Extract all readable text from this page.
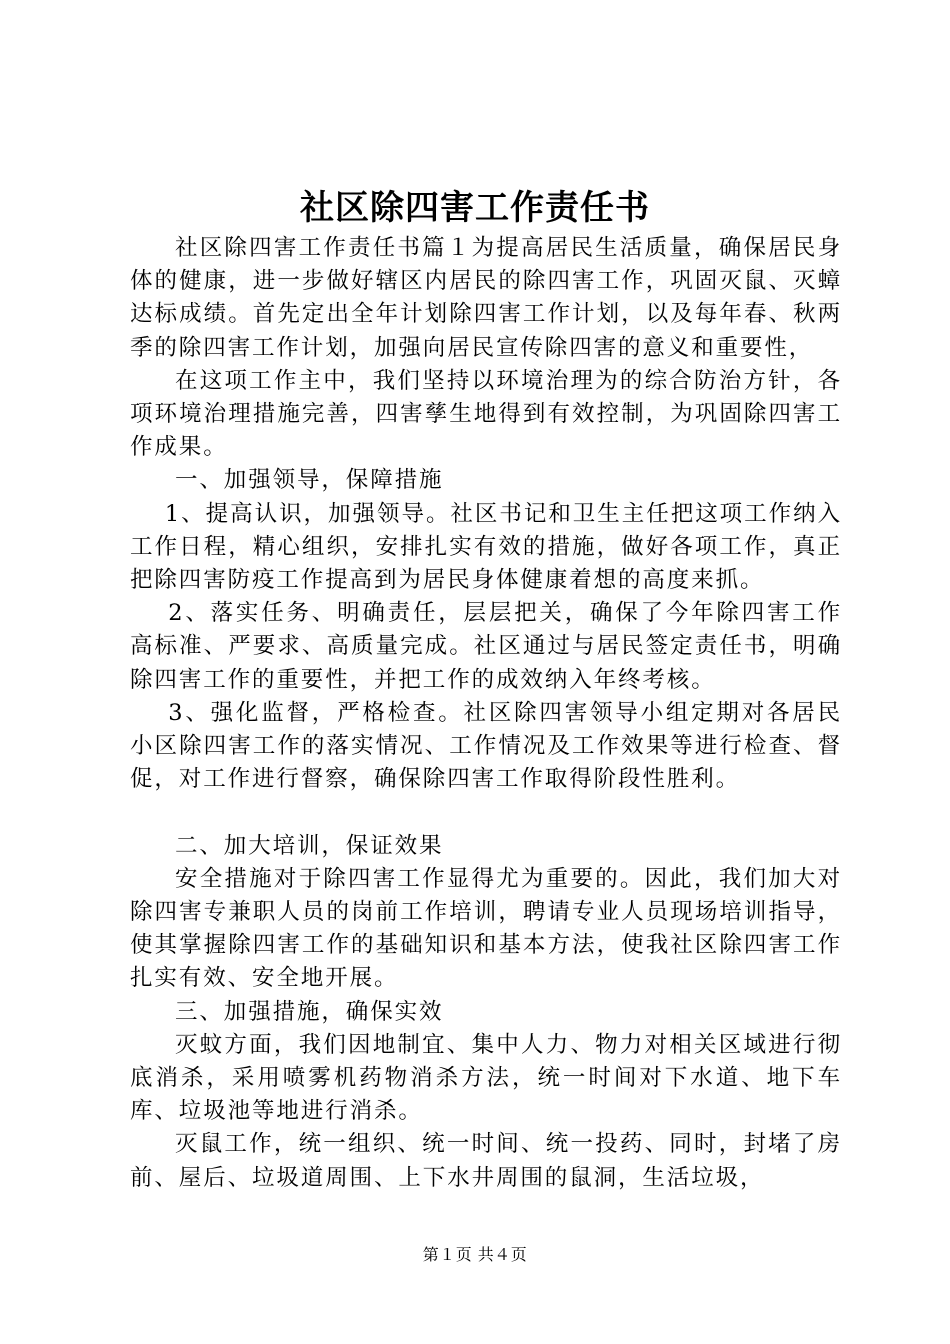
社区除四害工作责任书

社区除四害工作责任书篇１为提高居民生活质量，确保居民身体的健康，进一步做好辖区内居民的除四害工作，巩固灭鼠、灭蟑达标成绩。首先定出全年计划除四害工作计划，以及每年春、秋两季的除四害工作计划，加强向居民宣传除四害的意义和重要性，

在这项工作主中，我们坚持以环境治理为的综合防治方针，各项环境治理措施完善，四害孳生地得到有效控制，为巩固除四害工作成果。

一、加强领导，保障措施

1、提高认识，加强领导。社区书记和卫生主任把这项工作纳入工作日程，精心组织，安排扎实有效的措施，做好各项工作，真正把除四害防疫工作提高到为居民身体健康着想的高度来抓。

2、落实任务、明确责任，层层把关，确保了今年除四害工作高标准、严要求、高质量完成。社区通过与居民签定责任书，明确除四害工作的重要性，并把工作的成效纳入年终考核。

3、强化监督，严格检查。社区除四害领导小组定期对各居民小区除四害工作的落实情况、工作情况及工作效果等进行检查、督促，对工作进行督察，确保除四害工作取得阶段性胜利。

二、加大培训，保证效果

安全措施对于除四害工作显得尤为重要的。因此，我们加大对除四害专兼职人员的岗前工作培训，聘请专业人员现场培训指导，使其掌握除四害工作的基础知识和基本方法，使我社区除四害工作扎实有效、安全地开展。

三、加强措施，确保实效

灭蚊方面，我们因地制宜、集中人力、物力对相关区域进行彻底消杀，采用喷雾机药物消杀方法，统一时间对下水道、地下车库、垃圾池等地进行消杀。

灭鼠工作，统一组织、统一时间、统一投药、同时，封堵了房前、屋后、垃圾道周围、上下水井周围的鼠洞，生活垃圾，

第１页 共４页
